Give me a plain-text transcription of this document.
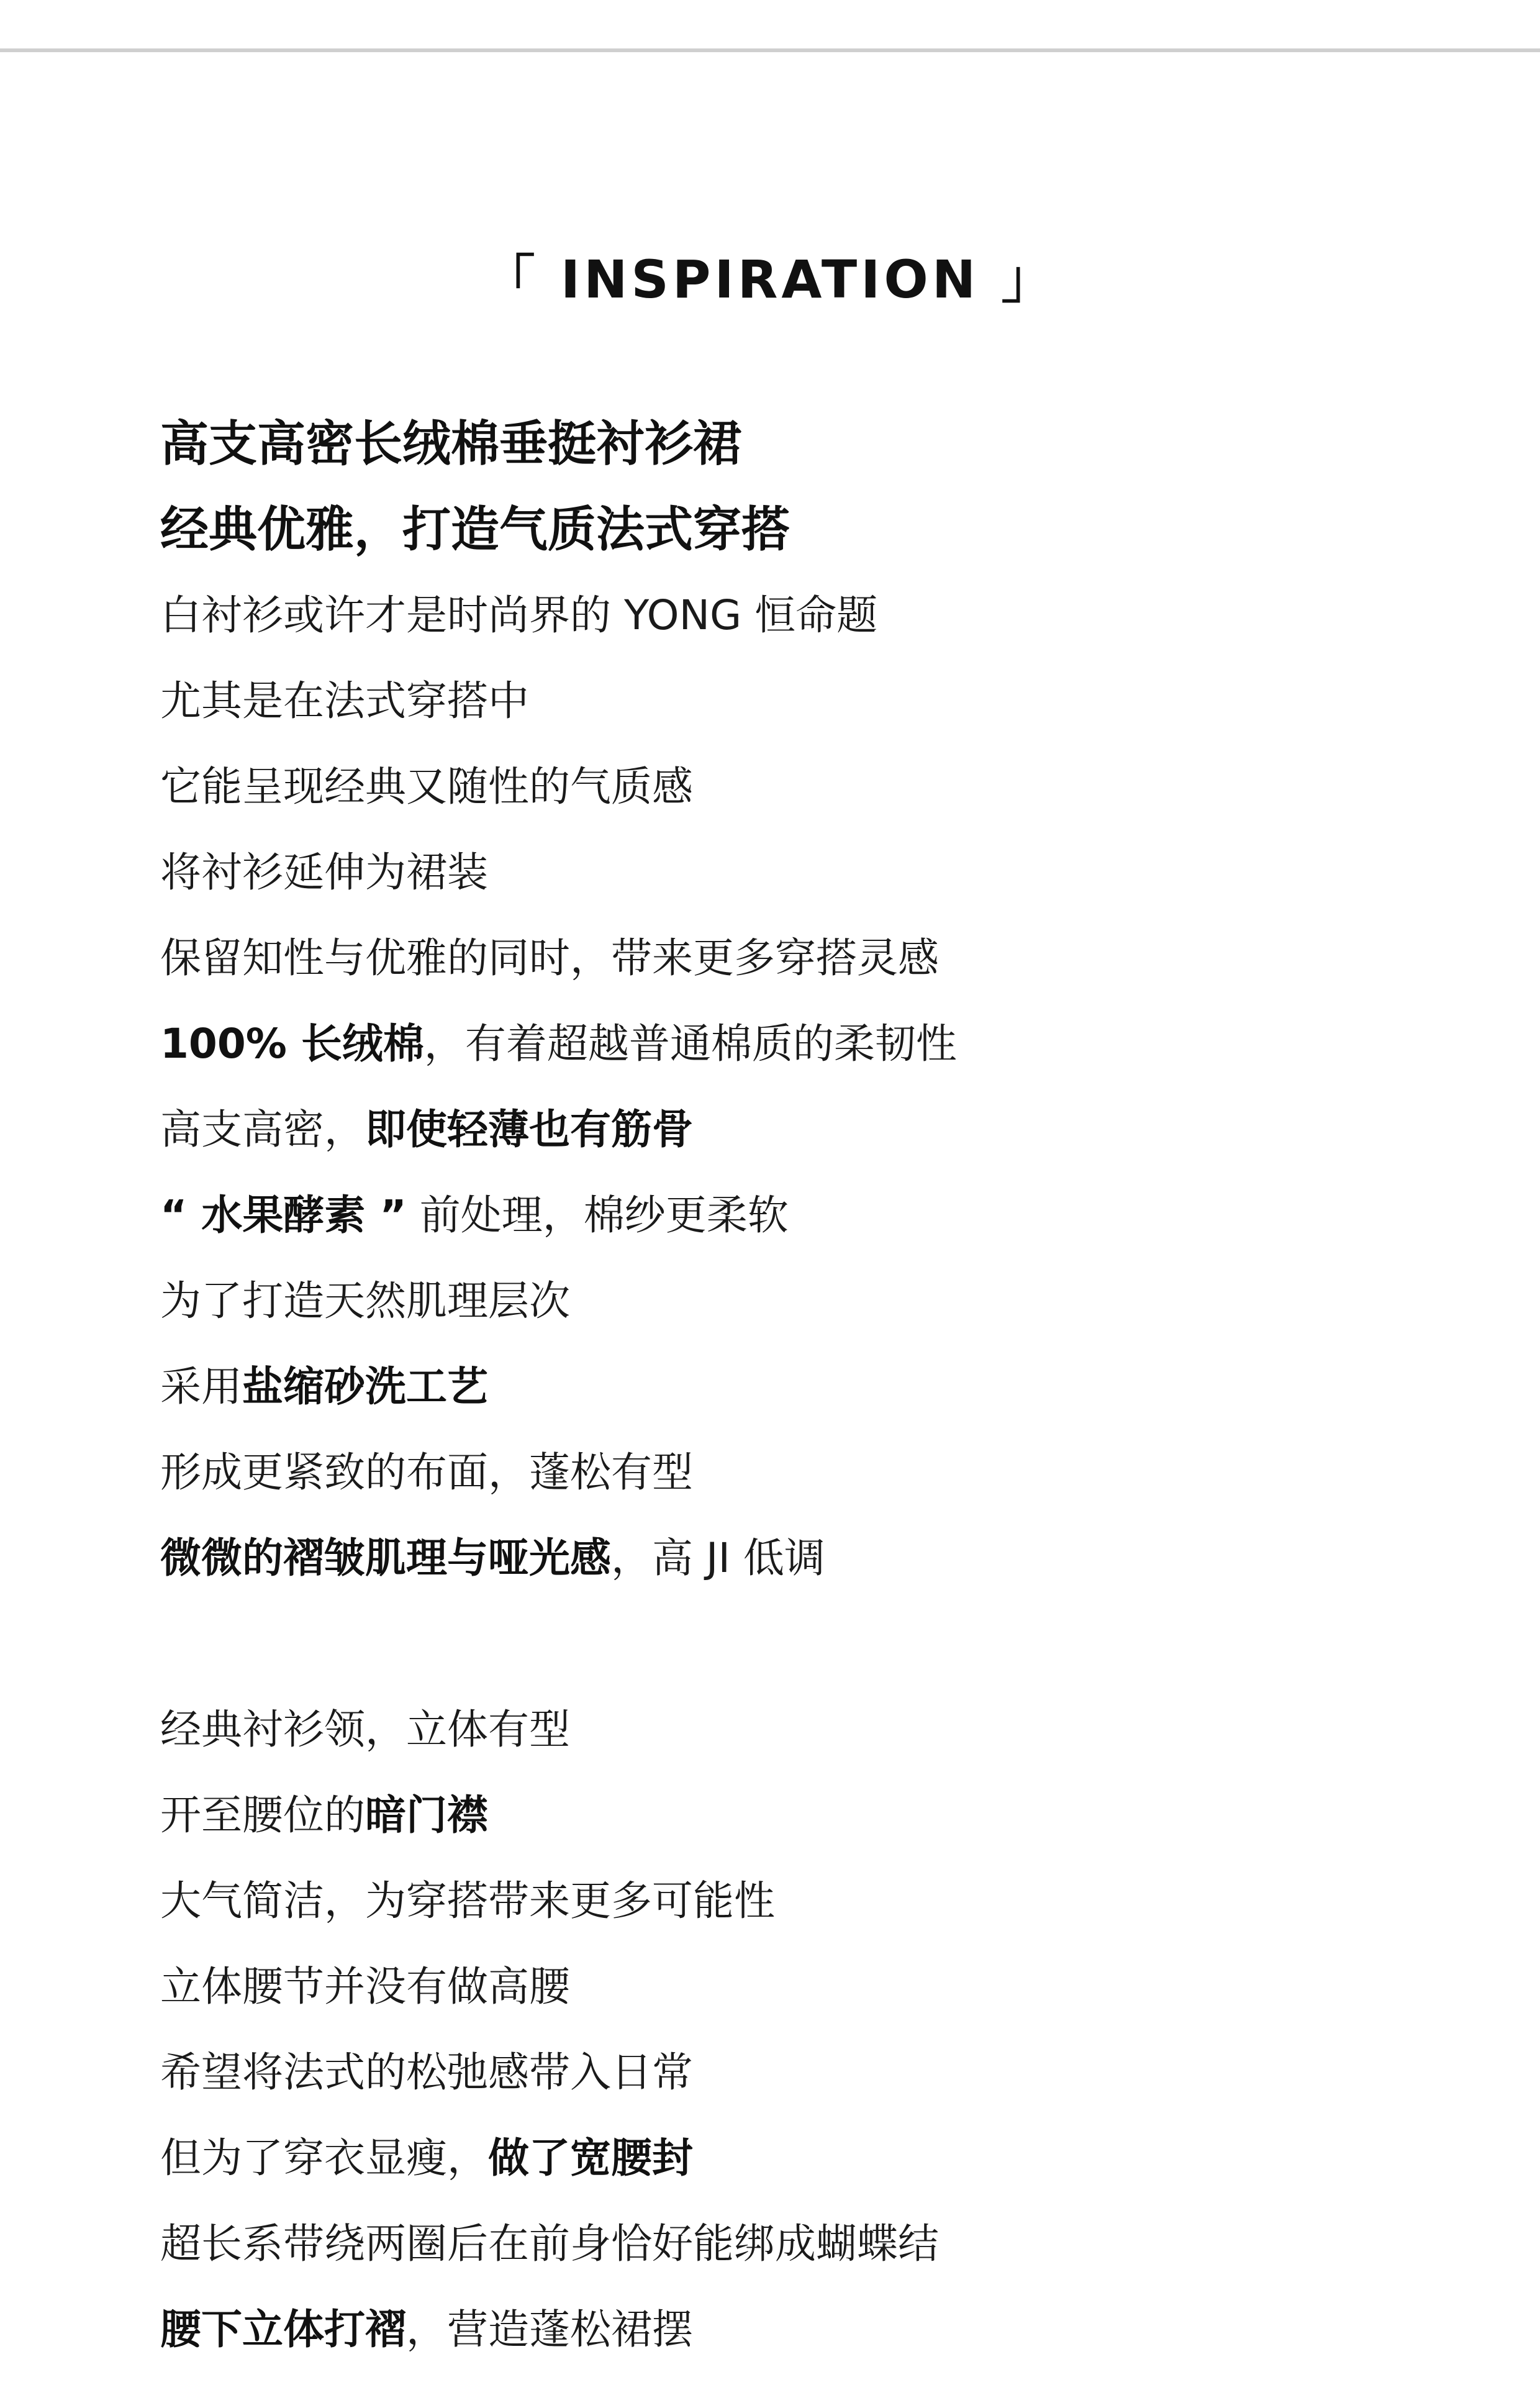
「 INSPIRATION 」
高支高密长绒棉垂挺衬衫裙
经典优雅，打造气质法式穿搭
白衬衫或许才是时尚界的 YONG 恒命题
尤其是在法式穿搭中
它能呈现经典又随性的气质感
将衬衫延伸为裙装
保留知性与优雅的同时，带来更多穿搭灵感
100% 长绒棉，有着超越普通棉质的柔韧性
高支高密，即使轻薄也有筋骨
“ 水果酵素 ” 前处理，棉纱更柔软
为了打造天然肌理层次
采用盐缩砂洗工艺
形成更紧致的布面，蓬松有型
微微的褶皱肌理与哑光感，高 JI 低调
经典衬衫领，立体有型
开至腰位的暗门襟
大气简洁，为穿搭带来更多可能性
立体腰节并没有做高腰
希望将法式的松弛感带入日常
但为了穿衣显瘦，做了宽腰封
超长系带绕两圈后在前身恰好能绑成蝴蝶结
腰下立体打褶，营造蓬松裙摆
